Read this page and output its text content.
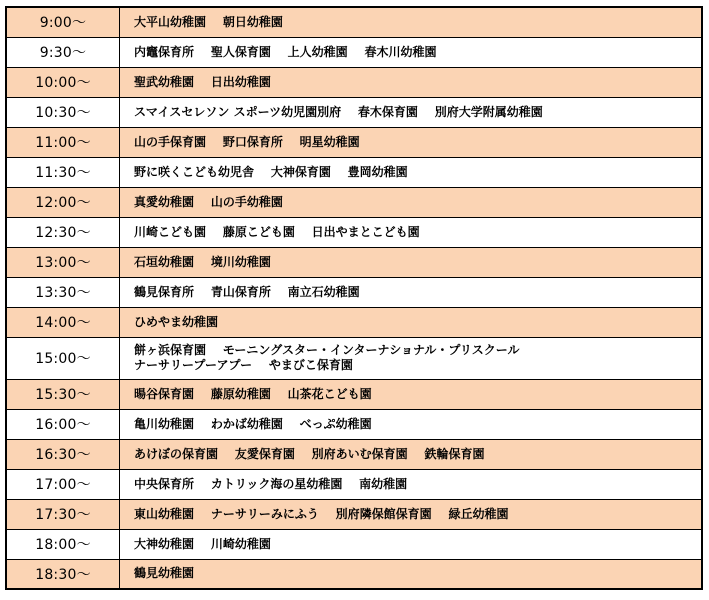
9:00～	大平山幼稚園 朝日幼稚園

9:30～	内竈保育所 聖人保育園 上人幼稚園 春木川幼稚園

10:00～	聖武幼稚園 日出幼稚園

10:30～	スマイスセレソン スポーツ幼児園別府 春木保育園 別府大学附属幼稚園

11:00～	山の手保育園 野口保育所 明星幼稚園

11:30～	野に咲くこども幼児舎 大神保育園 豊岡幼稚園

12:00～	真愛幼稚園 山の手幼稚園

12:30～	川崎こども園 藤原こども園 日出やまとこども園

13:00～	石垣幼稚園 境川幼稚園

13:30～	鶴見保育所 青山保育所 南立石幼稚園

14:00～	ひめやま幼稚園

15:00～	餅ヶ浜保育園 モーニングスター・インターナショナル・プリスクール
ナーサリープーアプー やまびこ保育園

15:30～	暘谷保育園 藤原幼稚園 山茶花こども園

16:00～	亀川幼稚園 わかば幼稚園 べっぷ幼稚園

16:30～	あけぼの保育園 友愛保育園 別府あいむ保育園 鉄輪保育園

17:00～	中央保育所 カトリック海の星幼稚園 南幼稚園

17:30～	東山幼稚園 ナーサリーみにふう 別府隣保館保育園 緑丘幼稚園

18:00～	大神幼稚園 川崎幼稚園

18:30～	鶴見幼稚園
